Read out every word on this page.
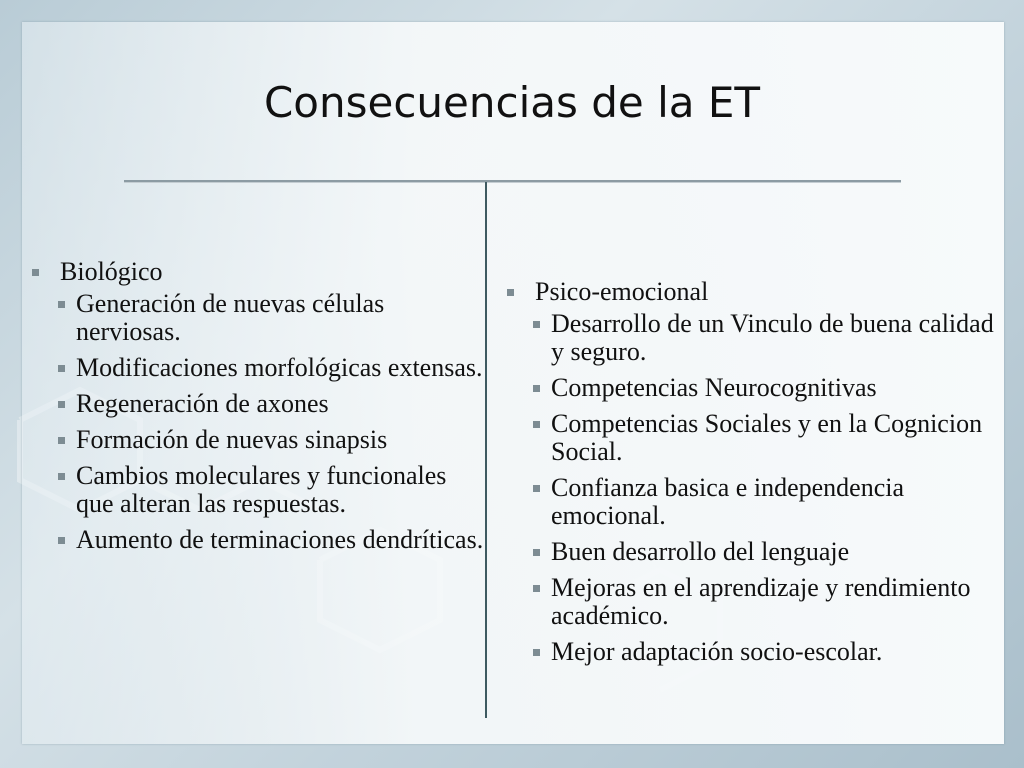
Consecuencias de la ET
Biológico
Generación de nuevas células nerviosas.
Modificaciones morfológicas extensas.
Regeneración de axones
Formación de nuevas sinapsis
Cambios moleculares y funcionales que alteran las respuestas.
Aumento de terminaciones dendríticas.
Psico-emocional
Desarrollo de un Vinculo de buena calidad y seguro.
Competencias Neurocognitivas
Competencias Sociales y en la Cognicion Social.
Confianza basica e independencia emocional.
Buen desarrollo del lenguaje
Mejoras en el aprendizaje y rendimiento académico.
Mejor adaptación socio-escolar.
